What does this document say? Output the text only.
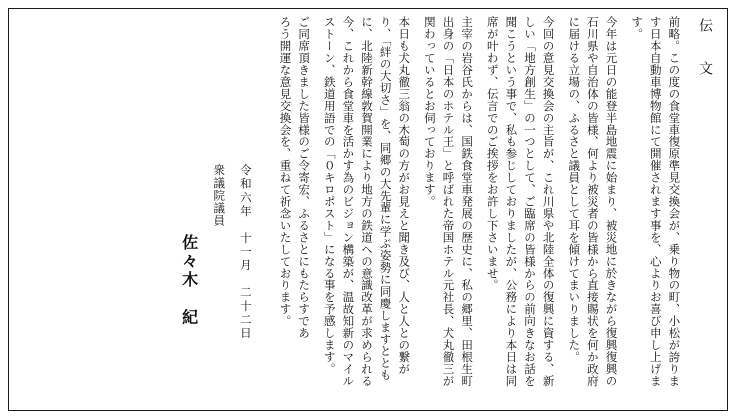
伝　文
前略。この度の食堂車復原準見交換会が、乗り物の町、小松が誇ります日本自動車博物館にて開催されます事を、心よりお喜び申し上げます。
今年は元日の能登半島地震に始まり、被災地に於きながら復興復興の石川県や自治体の皆様、何より被災者の皆様から直接賜状を何か政府に届ける立場の、ふるさと議員として耳を傾けてまいりました。
今回の意見交換会の主旨が、これ川県や北陸全体の復興に資する、新しい「地方創生」の一つとして、ご臨席の皆様からの前向きなお話を聞こうという事で、私も参じしておりましたが、公務により本日は同席が叶わず、伝言でのご挨拶をお許し下さいませ。
主宰の岩谷氏からは、国鉄食堂車発展の歴史に、私の郷里、田根生町出身の「日本のホテル王」と呼ばれた帝国ホテル元社長、犬丸徹三が関わっているとお伺っております。
本日も犬丸徹三翁の木萄の方がお見えと聞き及び、人と人との繋がり、「絆の大切さ」を、同郷の大先輩に学ぶ姿勢に同慶しますとともに、北陸新幹線敦賀開業により地方の鉄道への意識改革が求められる今、これから食堂車を活かす為のビジョン構築が、温故知新のマイルストーン、鉄道用語での「０キロポスト」になる事を予感します。
ご同席頂きました皆様のご令寄宏、ふるさとにもたらすであろう開運な意見交換会を、重ねて祈念いたしております。
令和六年　十一月　二十二日
衆議院議員
佐々木　紀
